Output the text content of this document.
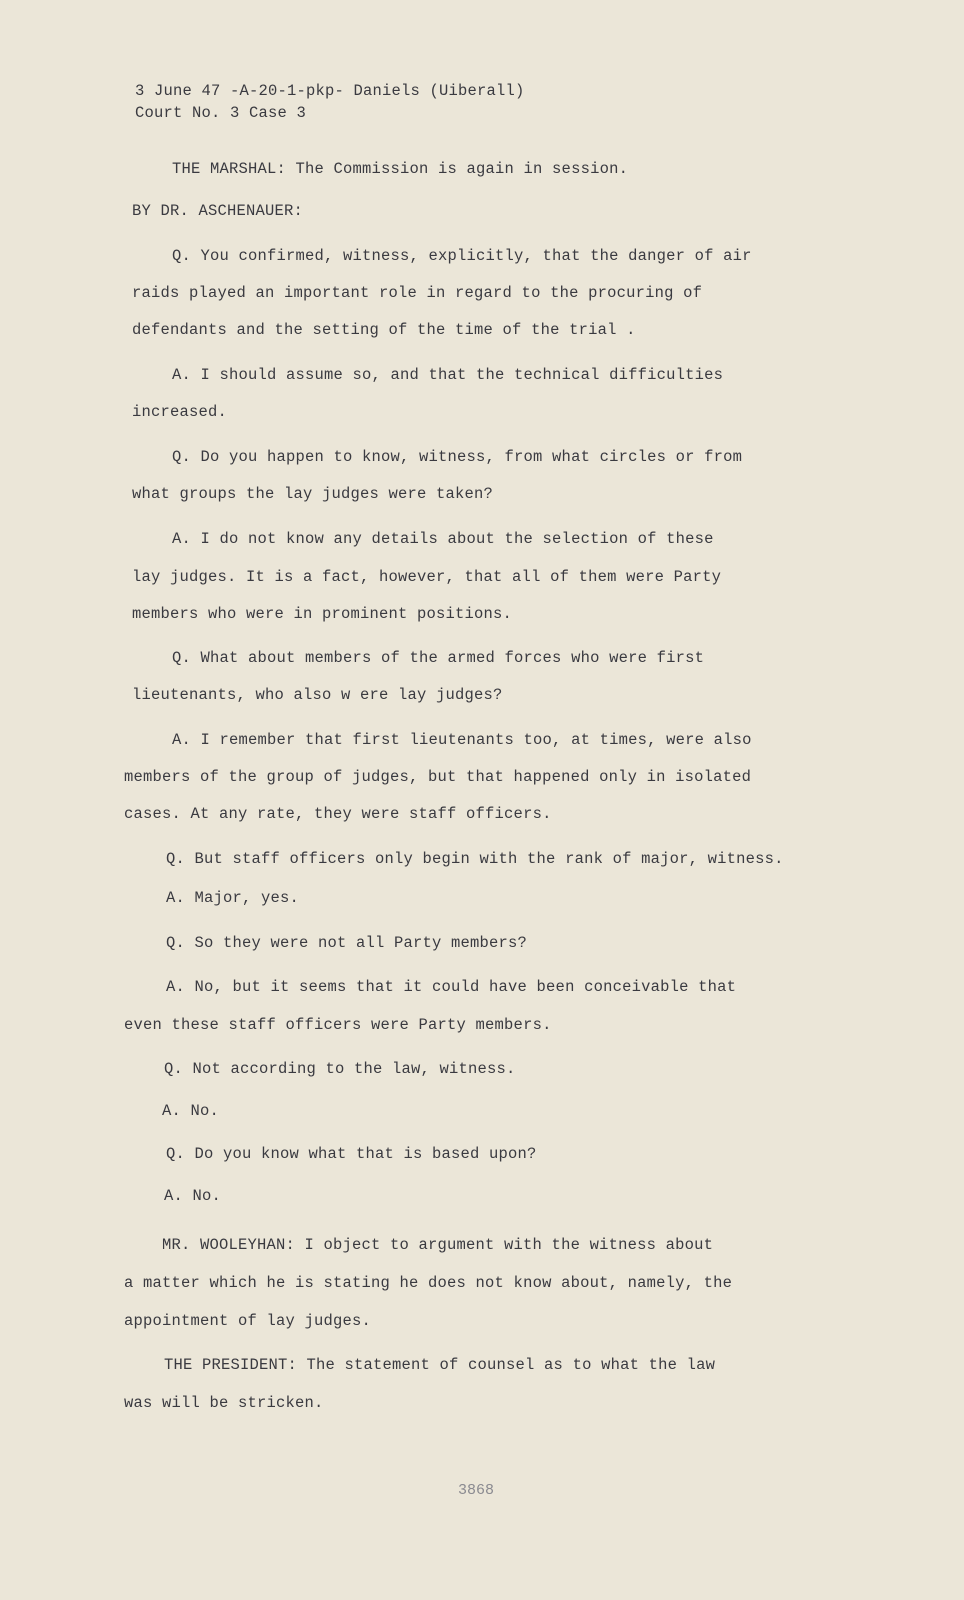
3 June 47 -A-20-1-pkp- Daniels (Uiberall)
Court No. 3 Case 3
THE MARSHAL: The Commission is again in session.
BY DR. ASCHENAUER:
Q. You confirmed, witness, explicitly, that the danger of air
raids played an important role in regard to the procuring of
defendants and the setting of the time of the trial .
A. I should assume so, and that the technical difficulties
increased.
Q. Do you happen to know, witness, from what circles or from
what groups the lay judges were taken?
A. I do not know any details about the selection of these
lay judges. It is a fact, however, that all of them were Party
members who were in prominent positions.
Q. What about members of the armed forces who were first
lieutenants, who also w ere lay judges?
A. I remember that first lieutenants too, at times, were also
members of the group of judges, but that happened only in isolated
cases. At any rate, they were staff officers.
Q. But staff officers only begin with the rank of major, witness.
A. Major, yes.
Q. So they were not all Party members?
A. No, but it seems that it could have been conceivable that
even these staff officers were Party members.
Q. Not according to the law, witness.
A. No.
Q. Do you know what that is based upon?
A. No.
MR. WOOLEYHAN: I object to argument with the witness about
a matter which he is stating he does not know about, namely, the
appointment of lay judges.
THE PRESIDENT: The statement of counsel as to what the law
was will be stricken.
3868
